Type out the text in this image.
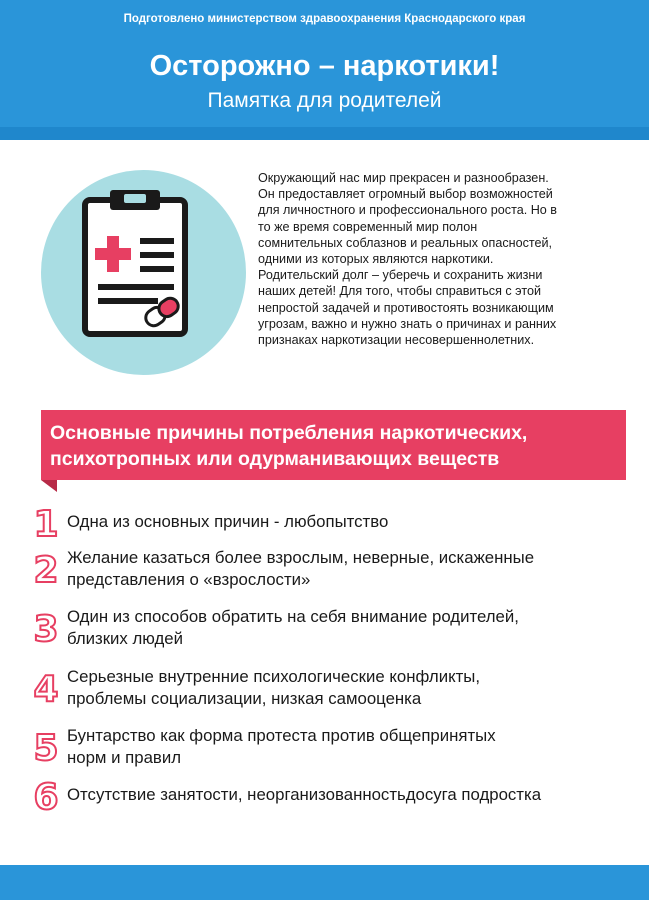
Подготовлено министерством здравоохранения Краснодарского края
Осторожно – наркотики!
Памятка для родителей
Окружающий нас мир прекрасен и разнообразен.
Он предоставляет огромный выбор возможностей
для личностного и профессионального роста. Но в
то же время современный мир полон
сомнительных соблазнов и реальных опасностей,
одними из которых являются наркотики.
Родительский долг – уберечь и сохранить жизни
наших детей! Для того, чтобы справиться с этой
непростой задачей и противостоять возникающим
угрозам, важно и нужно знать о причинах и ранних
признаках наркотизации несовершеннолетних.
Основные причины потребления наркотических,
психотропных или одурманивающих веществ
1 Одна из основных причин - любопытство
2 Желание казаться более взрослым, неверные, искаженные
представления о «взрослости»
3 Один из способов обратить на себя внимание родителей,
близких людей
4 Серьезные внутренние психологические конфликты,
проблемы социализации, низкая самооценка
5 Бунтарство как форма протеста против общепринятых
норм и правил
6 Отсутствие занятости, неорганизованностьдосуга подростка
